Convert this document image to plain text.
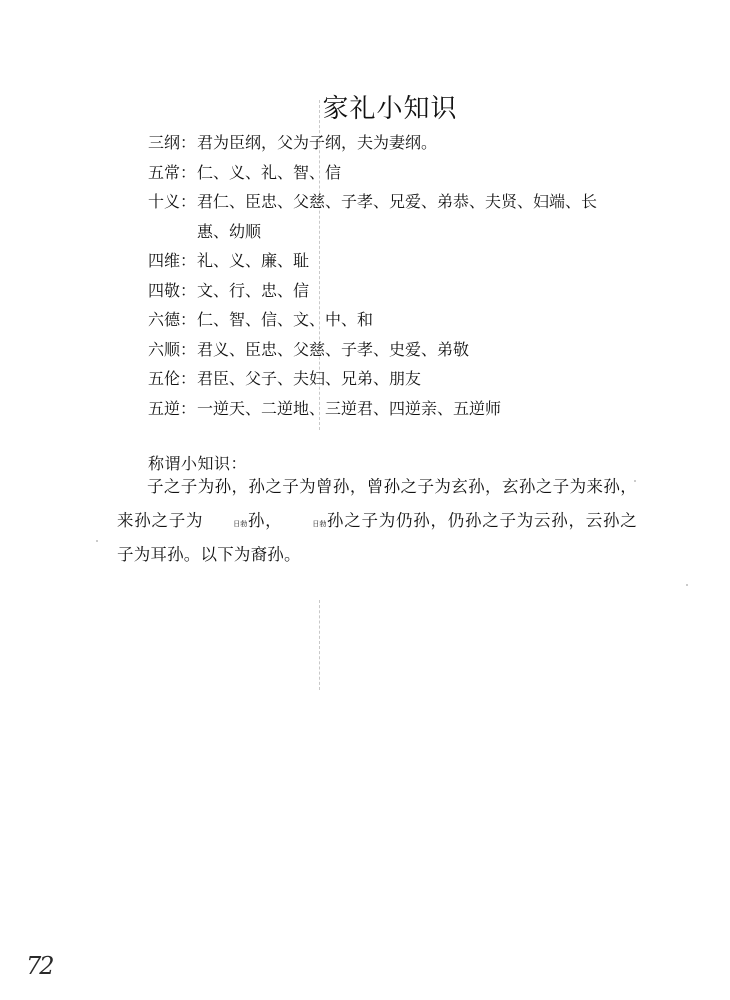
家礼小知识
三纲： 君为臣纲，父为子纲，夫为妻纲。
五常： 仁、义、礼、智、信
十义： 君仁、臣忠、父慈、子孝、兄爱、弟恭、夫贤、妇端、长惠、幼顺
四维： 礼、义、廉、耻
四敬： 文、行、忠、信
六德： 仁、智、信、文、中、和
六顺： 君义、臣忠、父慈、子孝、史爱、弟敬
五伦： 君臣、父子、夫妇、兄弟、朋友
五逆： 一逆天、二逆地、三逆君、四逆亲、五逆师
称谓小知识：

子之子为孙，孙之子为曾孙，曾孙之子为玄孙，玄孙之子为来孙，来孙之子为	日勃孙，	日勃孙之子为仍孙，仍孙之子为云孙，云孙之子为耳孙。以下为裔孙。

72
